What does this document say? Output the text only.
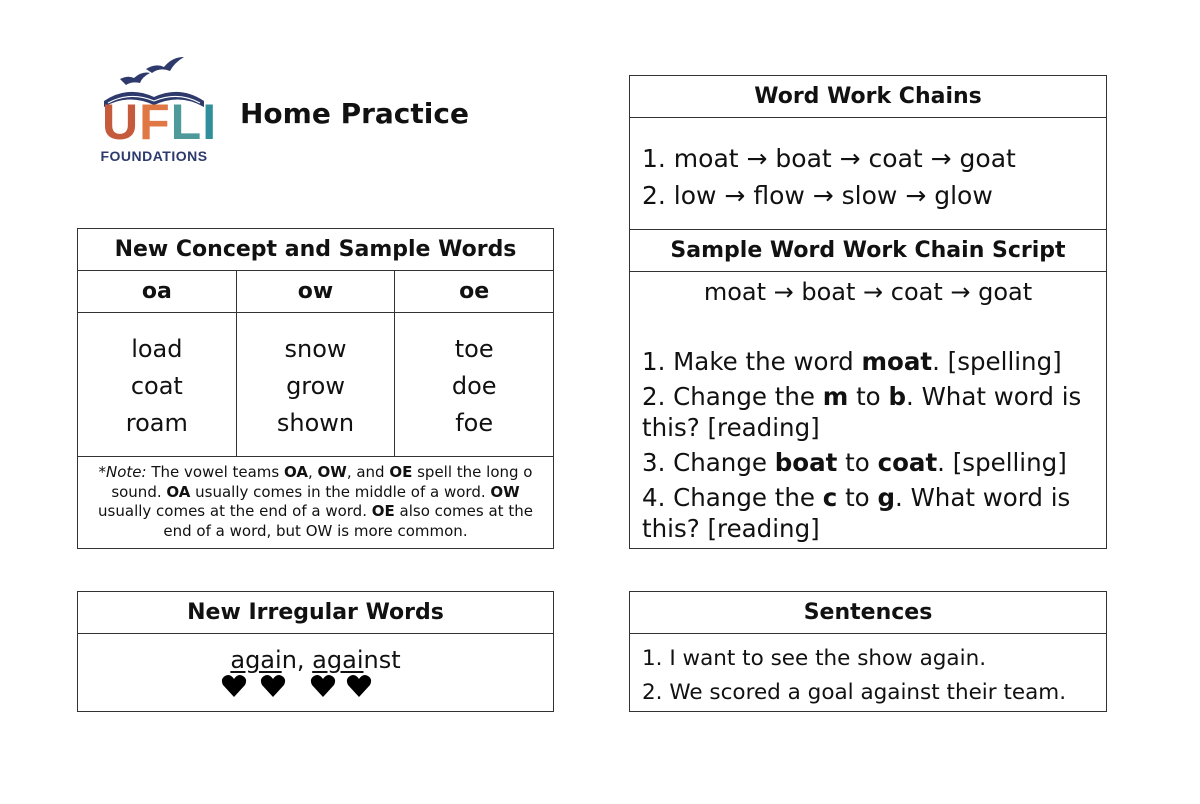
UFLI
FOUNDATIONS
Home Practice
New Concept and Sample Words
oa
load
coat
roam
ow
snow
grow
shown
oe
toe
doe
foe
*Note: The vowel teams OA, OW, and OE spell the long o sound. OA usually comes in the middle of a word. OW usually comes at the end of a word. OE also comes at the end of a word, but OW is more common.
New Irregular Words
again, against
Word Work Chains
1. moat → boat → coat → goat
2. low → flow → slow → glow
Sample Word Work Chain Script
moat → boat → coat → goat
1. Make the word moat. [spelling]
2. Change the m to b. What word is this? [reading]
3. Change boat to coat. [spelling]
4. Change the c to g. What word is this? [reading]
Sentences
1. I want to see the show again.
2. We scored a goal against their team.
